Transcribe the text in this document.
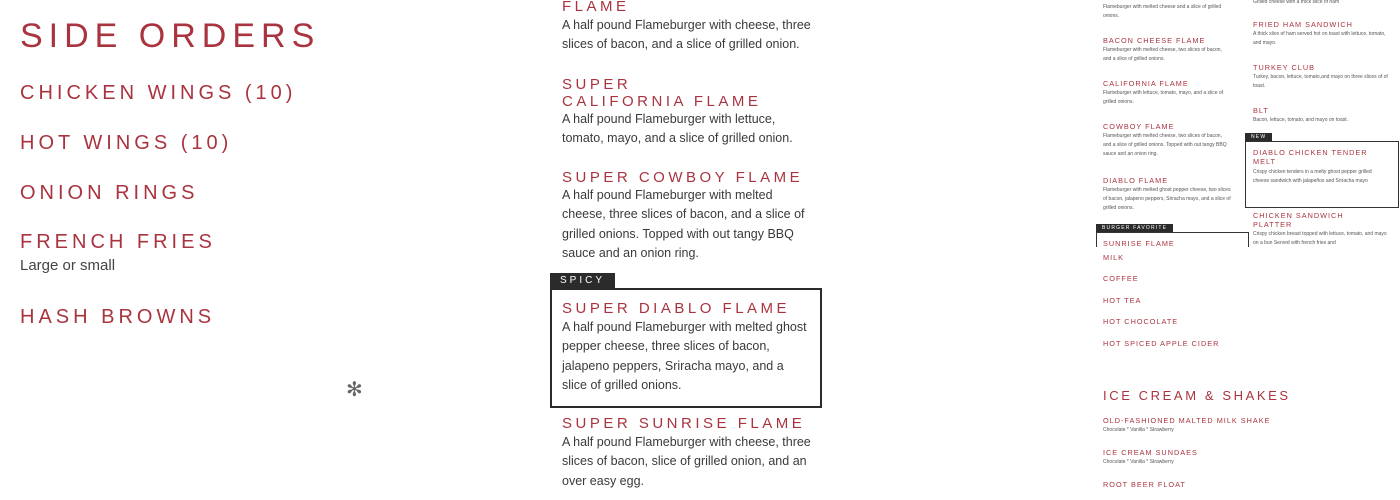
SIDE ORDERS
CHICKEN WINGS (10)
HOT WINGS (10)
ONION RINGS
FRENCH FRIES
Large or small
HASH BROWNS
✻
FLAME
A half pound Flameburger with cheese, three slices of bacon, and a slice of grilled onion.
SUPER
CALIFORNIA FLAME
A half pound Flameburger with lettuce, tomato, mayo, and a slice of grilled onion.
SUPER COWBOY FLAME
A half pound Flameburger with melted cheese, three slices of bacon, and a slice of grilled onions. Topped with out tangy BBQ sauce and an onion ring.
SPICY
SUPER DIABLO FLAME
A half pound Flameburger with melted ghost pepper cheese, three slices of bacon, jalapeno peppers, Sriracha mayo, and a slice of grilled onions.
SUPER SUNRISE FLAME
A half pound Flameburger with cheese, three slices of bacon, slice of grilled onion, and an over easy egg.
Flameburger with melted cheese and a slice of grilled onions.
BACON CHEESE FLAME
Flameburger with melted cheese, two slices of bacon, and a slice of grilled onions.
CALIFORNIA FLAME
Flameburger with lettuce, tomato, mayo, and a slice of grilled onions.
COWBOY FLAME
Flameburger with melted cheese, two slices of bacon, and a slice of grilled onions. Topped with out tangy BBQ sauce and an onion ring.
DIABLO FLAME
Flameburger with melted ghost pepper cheese, two slices of bacon, jalapeno peppers, Sriracha mayo, and a slice of grilled onions.
BURGER FAVORITE
SUNRISE FLAME
MILK
COFFEE
HOT TEA
HOT CHOCOLATE
HOT SPICED APPLE CIDER
ICE CREAM & SHAKES
OLD-FASHIONED MALTED MILK SHAKE
Chocolate * Vanilla * Strawberry
ICE CREAM SUNDAES
Chocolate * Vanilla * Strawberry
ROOT BEER FLOAT
Grilled cheese with a thick slice of ham
FRIED HAM SANDWICH
A thick slice of ham served hot on toast with lettuce, tomato, and mayo.
TURKEY CLUB
Turkey, bacon, lettuce, tomato,and mayo on three slices of of toast.
BLT
Bacon, lettuce, tomato, and mayo on toast.
NEW
DIABLO CHICKEN TENDER
MELT
Crispy chicken tenders in a melty ghost pepper grilled cheese sandwich with jalapeños and Sriracha mayo
CHICKEN SANDWICH
PLATTER
Crispy chicken breast topped with lettuce, tomato, and mayo on a bun Served with french fries and
